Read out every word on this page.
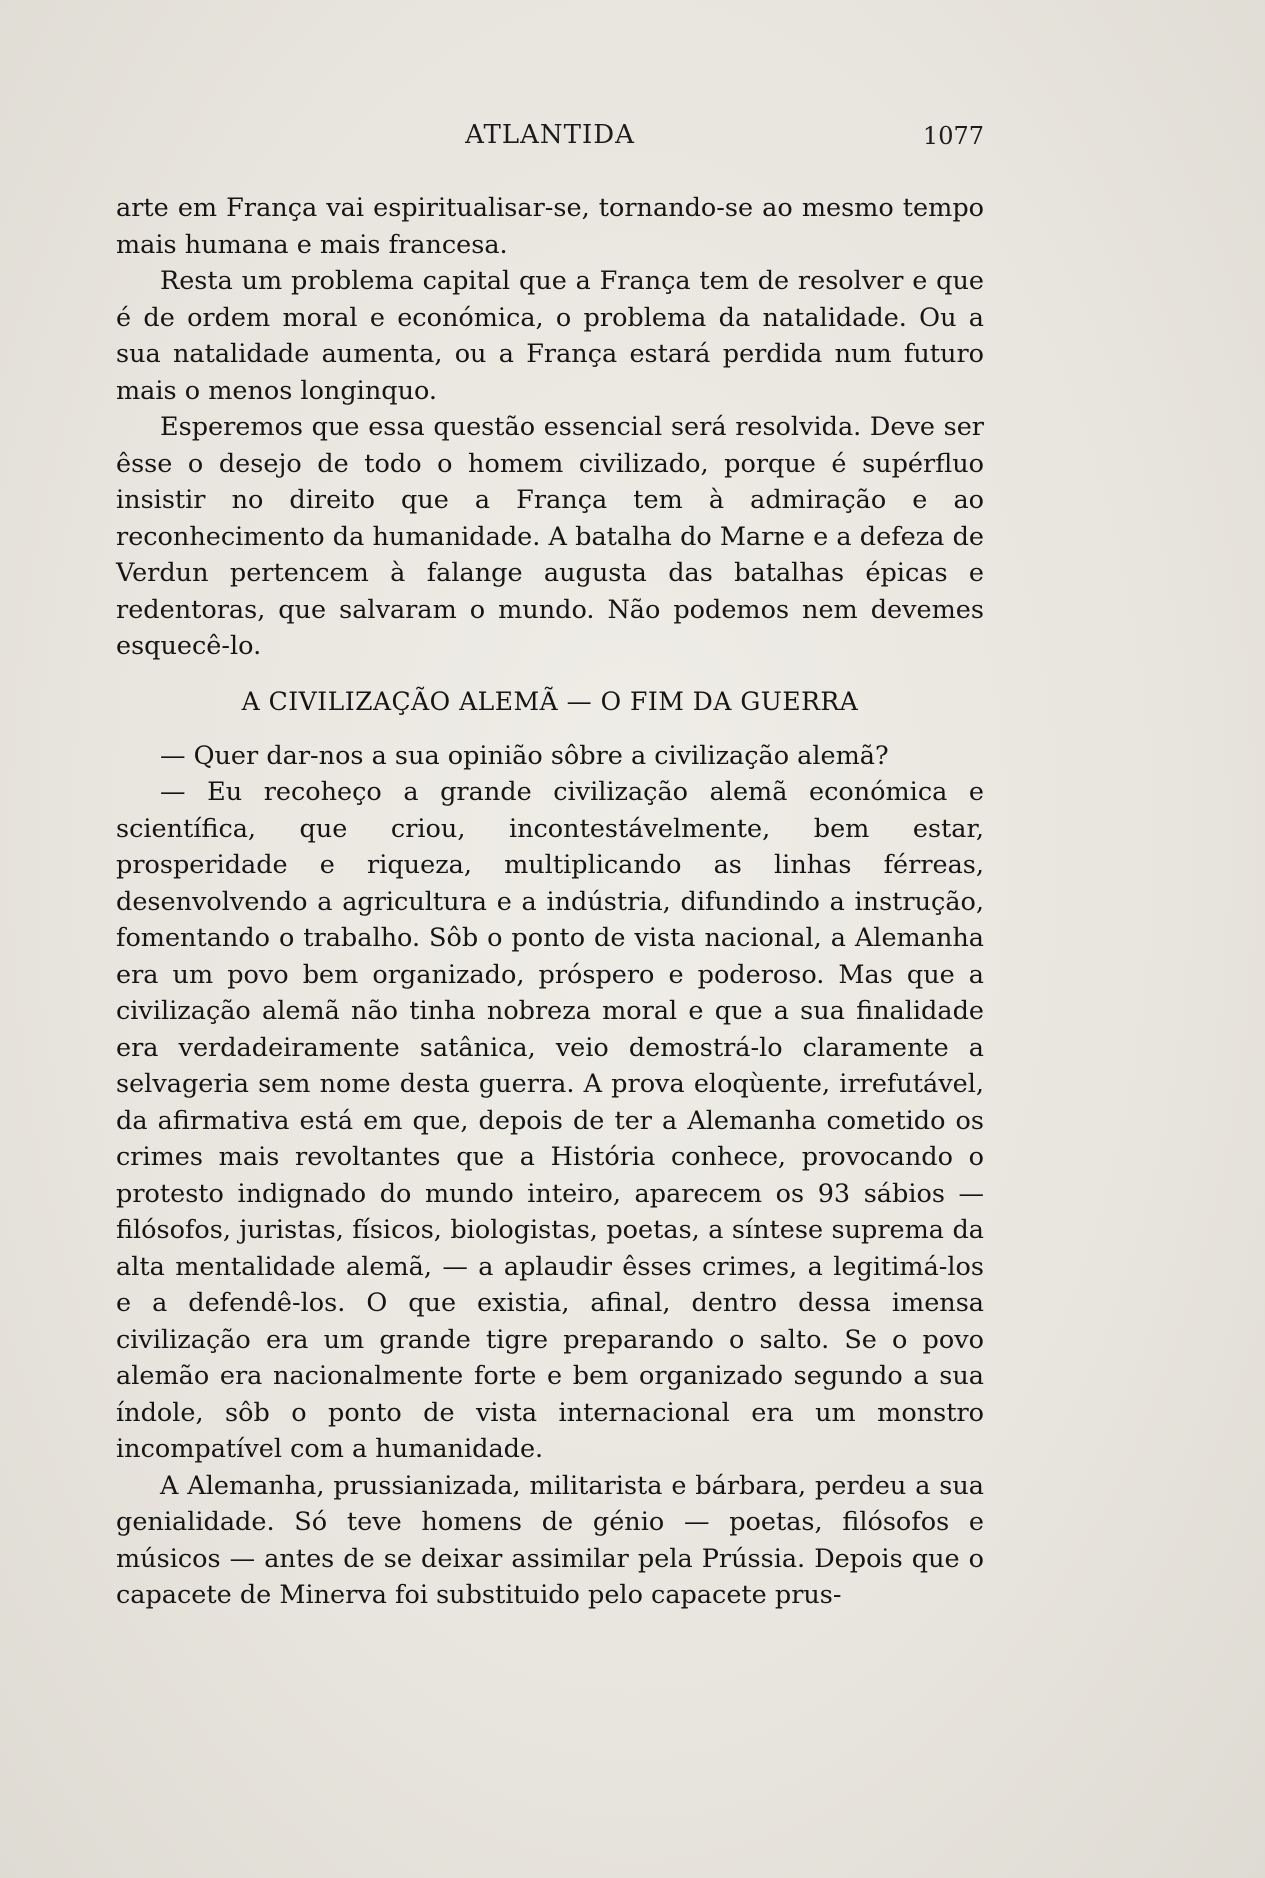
ATLANTIDA	1077

arte em França vai espiritualisar-se, tornando-se ao mesmo tempo mais humana e mais francesa.

Resta um problema capital que a França tem de resolver e que é de ordem moral e económica, o problema da natalidade. Ou a sua natalidade aumenta, ou a França estará perdida num futuro mais o menos longinquo.

Esperemos que essa questão essencial será resolvida. Deve ser êsse o desejo de todo o homem civilizado, porque é supérfluo insistir no direito que a França tem à admiração e ao reconhecimento da humanidade. A batalha do Marne e a defeza de Verdun pertencem à falange augusta das batalhas épicas e redentoras, que salvaram o mundo. Não podemos nem devemes esquecê-lo.

A CIVILIZAÇÃO ALEMÃ — O FIM DA GUERRA

— Quer dar-nos a sua opinião sôbre a civilização alemã?

— Eu recoheço a grande civilização alemã económica e scientífica, que criou, incontestávelmente, bem estar, prosperidade e riqueza, multiplicando as linhas férreas, desenvolvendo a agricultura e a indústria, difundindo a instrução, fomentando o trabalho. Sôb o ponto de vista nacional, a Alemanha era um povo bem organizado, próspero e poderoso. Mas que a civilização alemã não tinha nobreza moral e que a sua finalidade era verdadeiramente satânica, veio demostrá-lo claramente a selvageria sem nome desta guerra. A prova eloqùente, irrefutável, da afirmativa está em que, depois de ter a Alemanha cometido os crimes mais revoltantes que a História conhece, provocando o protesto indignado do mundo inteiro, aparecem os 93 sábios — filósofos, juristas, físicos, biologistas, poetas, a síntese suprema da alta mentalidade alemã, — a aplaudir êsses crimes, a legitimá-los e a defendê-los. O que existia, afinal, dentro dessa imensa civilização era um grande tigre preparando o salto. Se o povo alemão era nacionalmente forte e bem organizado segundo a sua índole, sôb o ponto de vista internacional era um monstro incompatível com a humanidade.

A Alemanha, prussianizada, militarista e bárbara, perdeu a sua genialidade. Só teve homens de génio — poetas, filósofos e músicos — antes de se deixar assimilar pela Prússia. Depois que o capacete de Minerva foi substituido pelo capacete prus-
